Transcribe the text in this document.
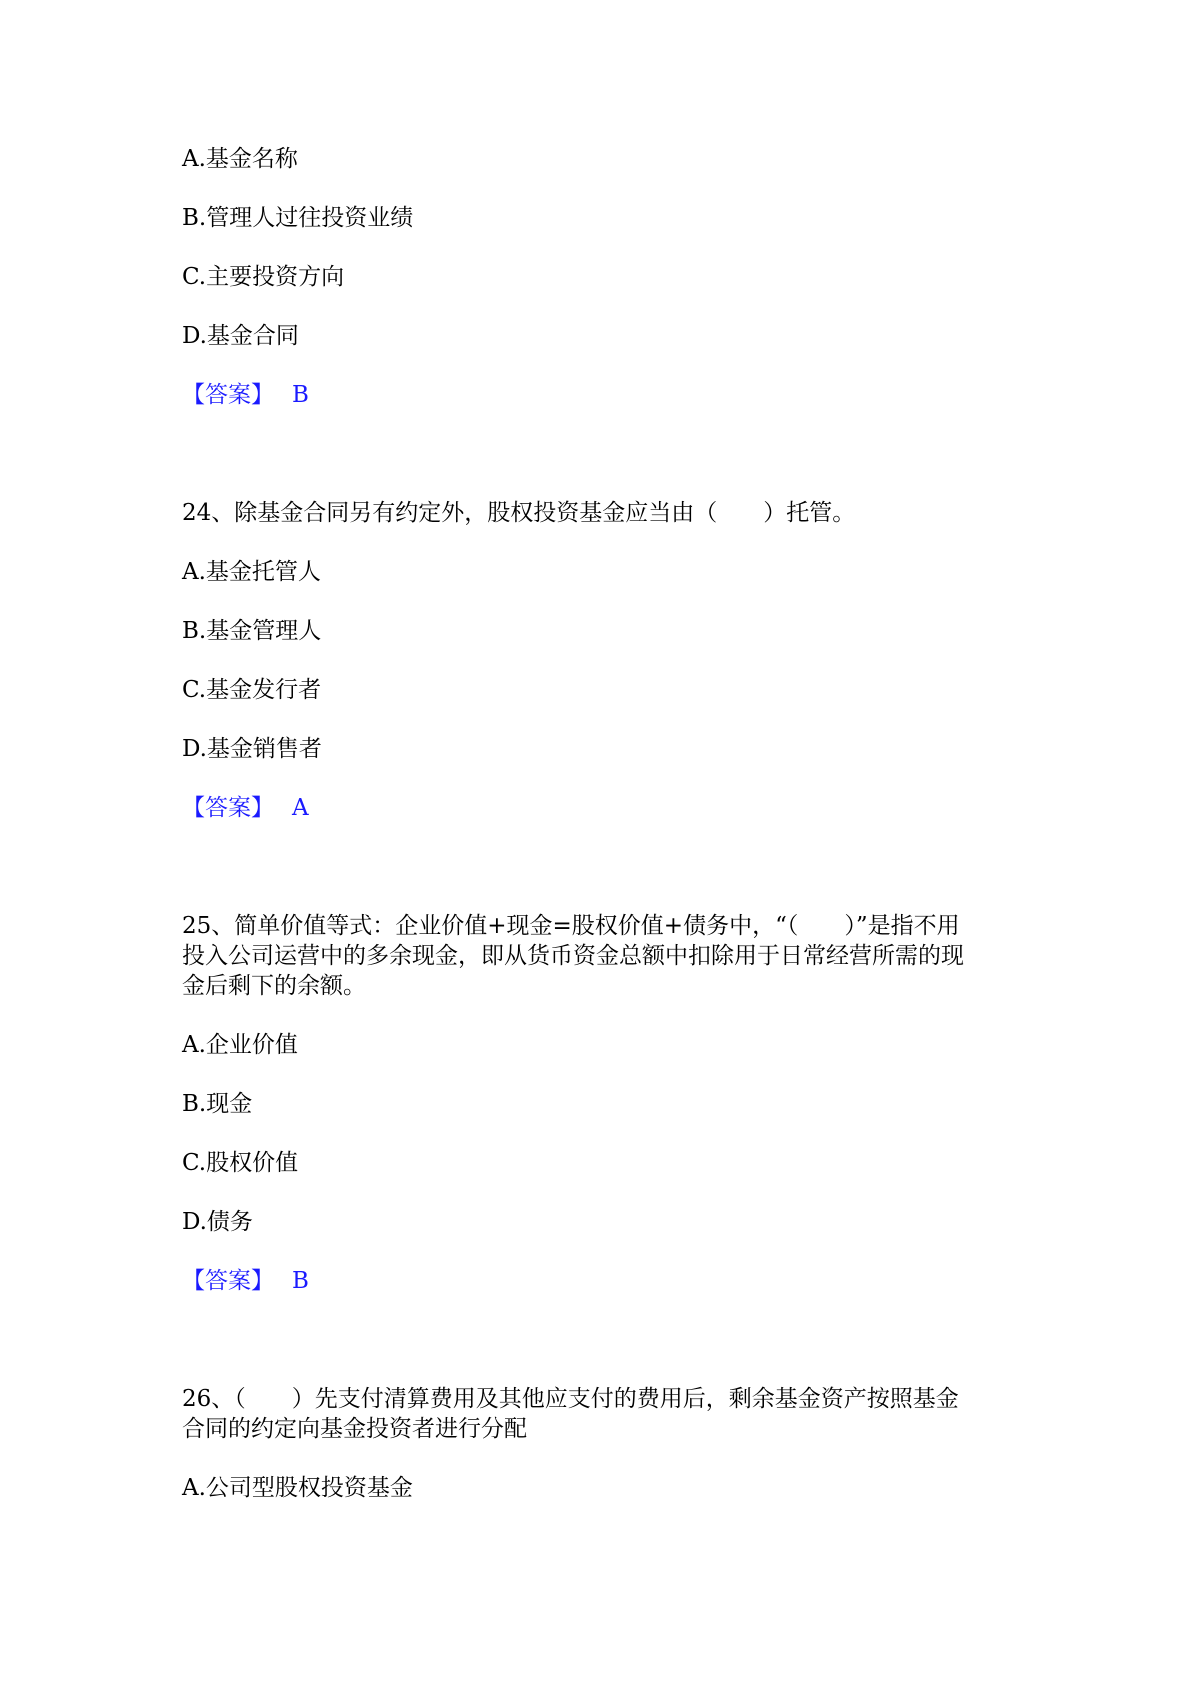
A.基金名称

B.管理人过往投资业绩

C.主要投资方向

D.基金合同

【答案】 B

24、除基金合同另有约定外，股权投资基金应当由（　　）托管。

A.基金托管人

B.基金管理人

C.基金发行者

D.基金销售者

【答案】 A

25、简单价值等式：企业价值+现金=股权价值+债务中，“（　　）”是指不用

投入公司运营中的多余现金，即从货币资金总额中扣除用于日常经营所需的现

金后剩下的余额。

A.企业价值

B.现金

C.股权价值

D.债务

【答案】 B

26、（　　）先支付清算费用及其他应支付的费用后，剩余基金资产按照基金

合同的约定向基金投资者进行分配

A.公司型股权投资基金
